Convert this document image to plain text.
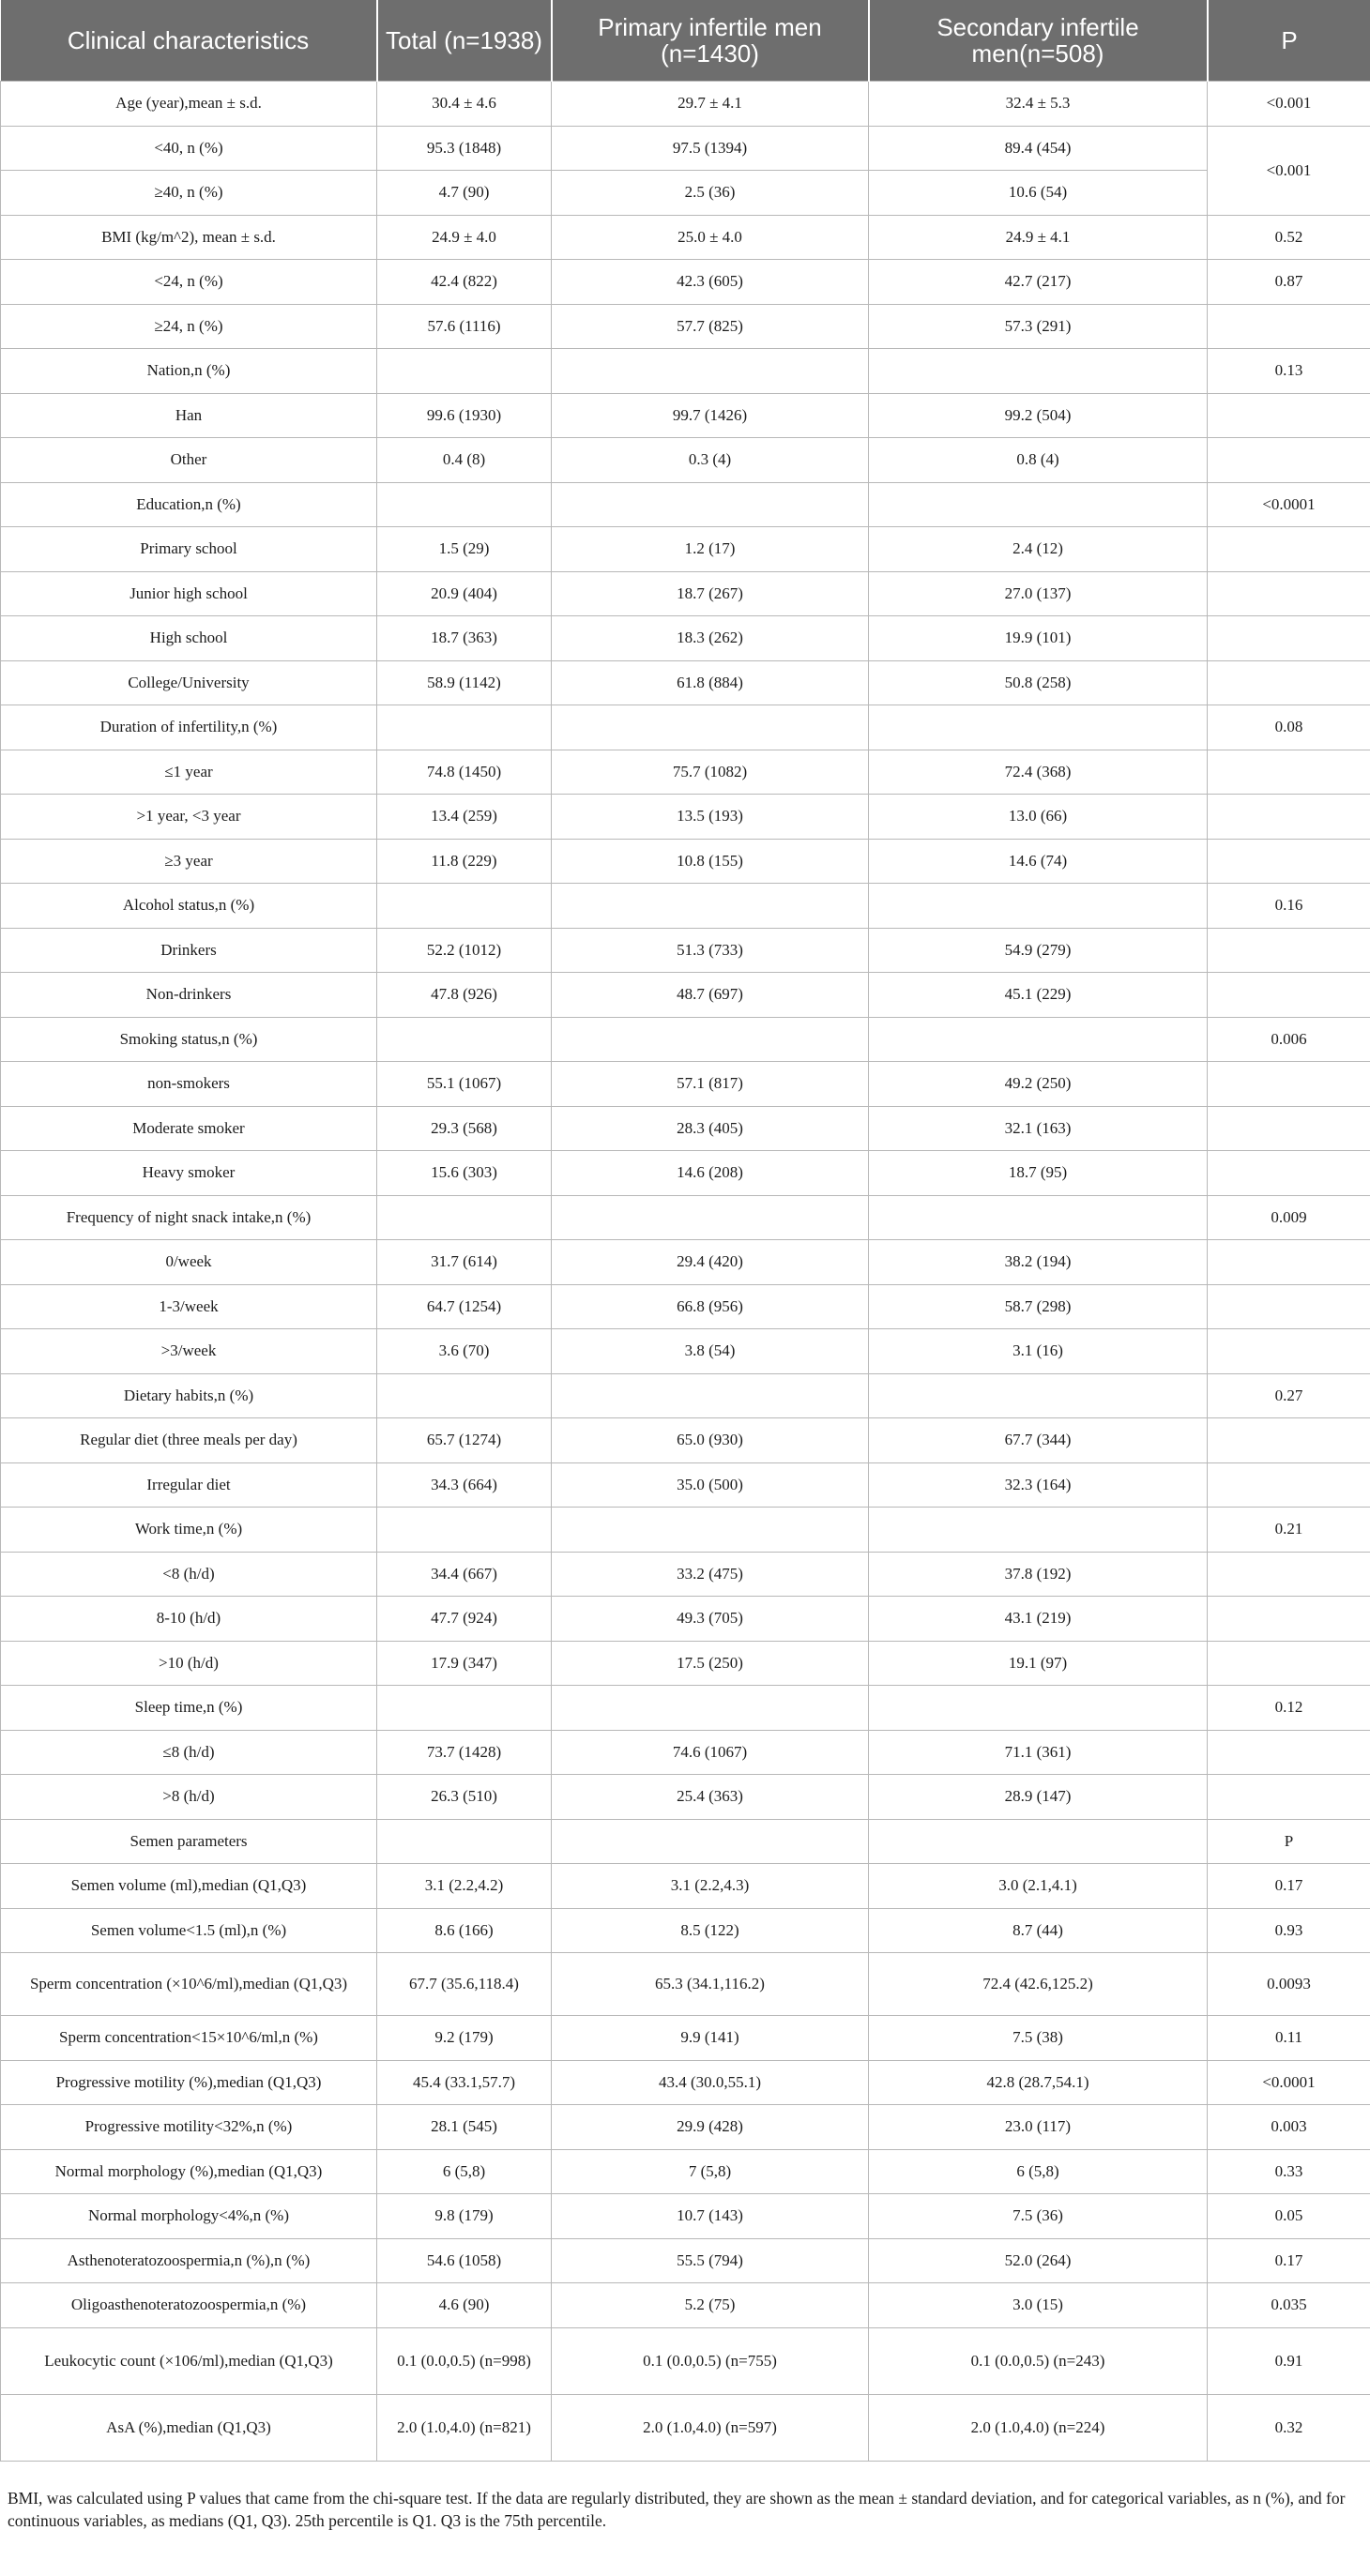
Clinical characteristics	Total (n=1938)	Primary infertile men (n=1430)	Secondary infertile men(n=508)	P
Age (year),mean ± s.d.	30.4 ± 4.6	29.7 ± 4.1	32.4 ± 5.3	<0.001
<40, n (%)	95.3 (1848)	97.5 (1394)	89.4 (454)	<0.001
≥40, n (%)	4.7 (90)	2.5 (36)	10.6 (54)	
BMI (kg/m^2), mean ± s.d.	24.9 ± 4.0	25.0 ± 4.0	24.9 ± 4.1	0.52
<24, n (%)	42.4 (822)	42.3 (605)	42.7 (217)	0.87
≥24, n (%)	57.6 (1116)	57.7 (825)	57.3 (291)	
Nation,n (%)				0.13
Han	99.6 (1930)	99.7 (1426)	99.2 (504)	
Other	0.4 (8)	0.3 (4)	0.8 (4)	
Education,n (%)				<0.0001
Primary school	1.5 (29)	1.2 (17)	2.4 (12)	
Junior high school	20.9 (404)	18.7 (267)	27.0 (137)	
High school	18.7 (363)	18.3 (262)	19.9 (101)	
College/University	58.9 (1142)	61.8 (884)	50.8 (258)	
Duration of infertility,n (%)				0.08
≤1 year	74.8 (1450)	75.7 (1082)	72.4 (368)	
>1 year, <3 year	13.4 (259)	13.5 (193)	13.0 (66)	
≥3 year	11.8 (229)	10.8 (155)	14.6 (74)	
Alcohol status,n (%)				0.16
Drinkers	52.2 (1012)	51.3 (733)	54.9 (279)	
Non-drinkers	47.8 (926)	48.7 (697)	45.1 (229)	
Smoking status,n (%)				0.006
non-smokers	55.1 (1067)	57.1 (817)	49.2 (250)	
Moderate smoker	29.3 (568)	28.3 (405)	32.1 (163)	
Heavy smoker	15.6 (303)	14.6 (208)	18.7 (95)	
Frequency of night snack intake,n (%)				0.009
0/week	31.7 (614)	29.4 (420)	38.2 (194)	
1-3/week	64.7 (1254)	66.8 (956)	58.7 (298)	
>3/week	3.6 (70)	3.8 (54)	3.1 (16)	
Dietary habits,n (%)				0.27
Regular diet (three meals per day)	65.7 (1274)	65.0 (930)	67.7 (344)	
Irregular diet	34.3 (664)	35.0 (500)	32.3 (164)	
Work time,n (%)				0.21
<8 (h/d)	34.4 (667)	33.2 (475)	37.8 (192)	
8-10 (h/d)	47.7 (924)	49.3 (705)	43.1 (219)	
>10 (h/d)	17.9 (347)	17.5 (250)	19.1 (97)	
Sleep time,n (%)				0.12
≤8 (h/d)	73.7 (1428)	74.6 (1067)	71.1 (361)	
>8 (h/d)	26.3 (510)	25.4 (363)	28.9 (147)	
Semen parameters				P
Semen volume (ml),median (Q1,Q3)	3.1 (2.2,4.2)	3.1 (2.2,4.3)	3.0 (2.1,4.1)	0.17
Semen volume<1.5 (ml),n (%)	8.6 (166)	8.5 (122)	8.7 (44)	0.93
Sperm concentration (×10^6/ml),median (Q1,Q3)	67.7 (35.6,118.4)	65.3 (34.1,116.2)	72.4 (42.6,125.2)	0.0093
Sperm concentration<15×10^6/ml,n (%)	9.2 (179)	9.9 (141)	7.5 (38)	0.11
Progressive motility (%),median (Q1,Q3)	45.4 (33.1,57.7)	43.4 (30.0,55.1)	42.8 (28.7,54.1)	<0.0001
Progressive motility<32%,n (%)	28.1 (545)	29.9 (428)	23.0 (117)	0.003
Normal morphology (%),median (Q1,Q3)	6 (5,8)	7 (5,8)	6 (5,8)	0.33
Normal morphology<4%,n (%)	9.8 (179)	10.7 (143)	7.5 (36)	0.05
Asthenoteratozoospermia,n (%),n (%)	54.6 (1058)	55.5 (794)	52.0 (264)	0.17
Oligoasthenoteratozoospermia,n (%)	4.6 (90)	5.2 (75)	3.0 (15)	0.035
Leukocytic count (×106/ml),median (Q1,Q3)	0.1 (0.0,0.5) (n=998)	0.1 (0.0,0.5) (n=755)	0.1 (0.0,0.5) (n=243)	0.91
AsA (%),median (Q1,Q3)	2.0 (1.0,4.0) (n=821)	2.0 (1.0,4.0) (n=597)	2.0 (1.0,4.0) (n=224)	0.32

BMI, was calculated using P values that came from the chi-square test. If the data are regularly distributed, they are shown as the mean ± standard deviation, and for categorical variables, as n (%), and for continuous variables, as medians (Q1, Q3). 25th percentile is Q1. Q3 is the 75th percentile.
